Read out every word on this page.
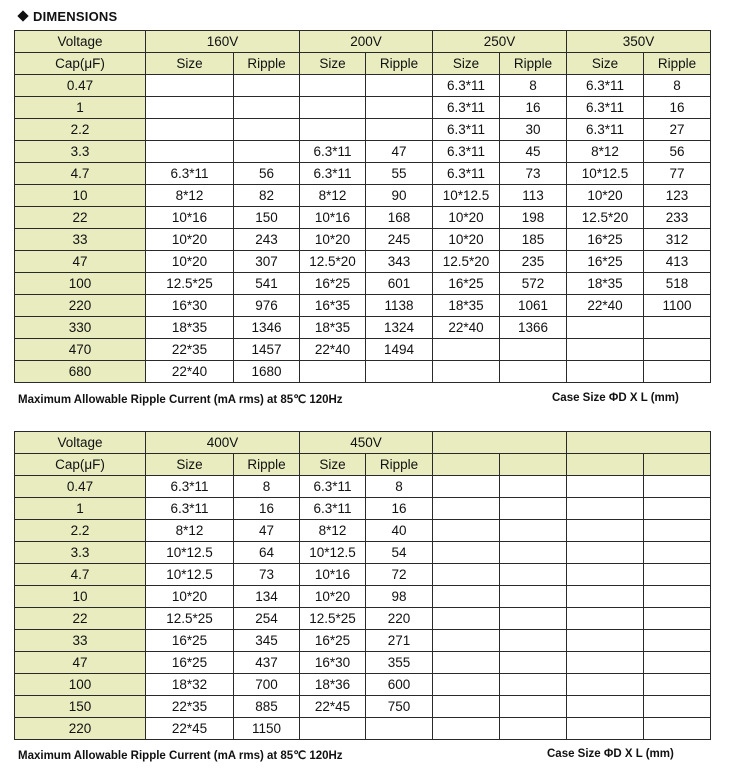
DIMENSIONS
Voltage	160V		200V		250V		350V	
Cap(μF)	Size	Ripple	Size	Ripple	Size	Ripple	Size	Ripple
0.47					6.3*11	8	6.3*11	8
1					6.3*11	16	6.3*11	16
2.2					6.3*11	30	6.3*11	27
3.3			6.3*11	47	6.3*11	45	8*12	56
4.7	6.3*11	56	6.3*11	55	6.3*11	73	10*12.5	77
10	8*12	82	8*12	90	10*12.5	113	10*20	123
22	10*16	150	10*16	168	10*20	198	12.5*20	233
33	10*20	243	10*20	245	10*20	185	16*25	312
47	10*20	307	12.5*20	343	12.5*20	235	16*25	413
100	12.5*25	541	16*25	601	16*25	572	18*35	518
220	16*30	976	16*35	1138	18*35	1061	22*40	1100
330	18*35	1346	18*35	1324	22*40	1366		
470	22*35	1457	22*40	1494				
680	22*40	1680						
Maximum Allowable Ripple Current (mA rms) at 85℃ 120Hz	Case Size ΦD X L (mm)
Voltage	400V		450V					
Cap(μF)	Size	Ripple	Size	Ripple				
0.47	6.3*11	8	6.3*11	8				
1	6.3*11	16	6.3*11	16				
2.2	8*12	47	8*12	40				
3.3	10*12.5	64	10*12.5	54				
4.7	10*12.5	73	10*16	72				
10	10*20	134	10*20	98				
22	12.5*25	254	12.5*25	220				
33	16*25	345	16*25	271				
47	16*25	437	16*30	355				
100	18*32	700	18*36	600				
150	22*35	885	22*45	750				
220	22*45	1150						
Maximum Allowable Ripple Current (mA rms) at 85℃ 120Hz	Case Size ΦD X L (mm)
